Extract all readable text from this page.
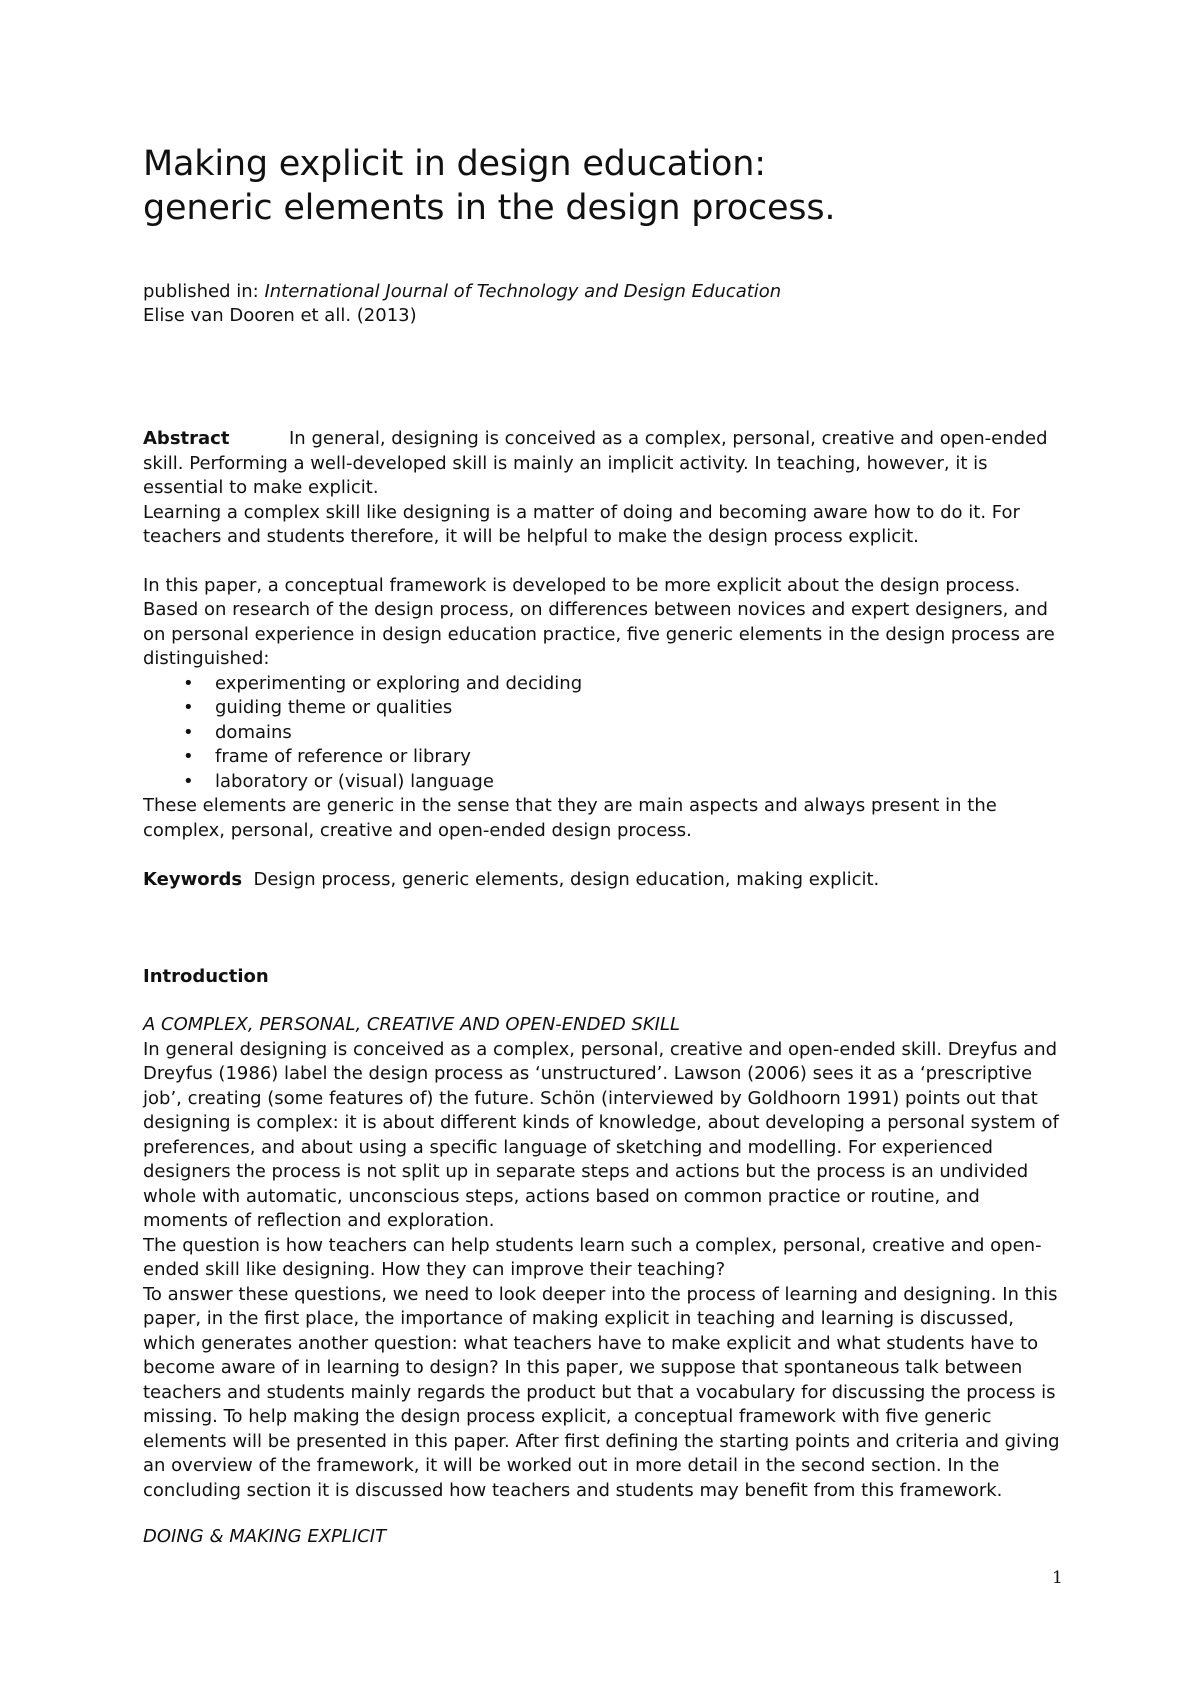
Making explicit in design education:
generic elements in the design process.
published in: International Journal of Technology and Design Education
Elise van Dooren et all. (2013)

Abstract	In general, designing is conceived as a complex, personal, creative and open-ended skill. Performing a well-developed skill is mainly an implicit activity. In teaching, however, it is essential to make explicit.

Learning a complex skill like designing is a matter of doing and becoming aware how to do it. For teachers and students therefore, it will be helpful to make the design process explicit.

In this paper, a conceptual framework is developed to be more explicit about the design process. Based on research of the design process, on differences between novices and expert designers, and on personal experience in design education practice, five generic elements in the design process are distinguished:

• experimenting or exploring and deciding
• guiding theme or qualities
• domains
• frame of reference or library
• laboratory or (visual) language

These elements are generic in the sense that they are main aspects and always present in the complex, personal, creative and open-ended design process.

Keywords Design process, generic elements, design education, making explicit.
Introduction

A COMPLEX, PERSONAL, CREATIVE AND OPEN-ENDED SKILL

In general designing is conceived as a complex, personal, creative and open-ended skill. Dreyfus and Dreyfus (1986) label the design process as ‘unstructured’. Lawson (2006) sees it as a ‘prescriptive job’, creating (some features of) the future. Schön (interviewed by Goldhoorn 1991) points out that designing is complex: it is about different kinds of knowledge, about developing a personal system of preferences, and about using a specific language of sketching and modelling. For experienced designers the process is not split up in separate steps and actions but the process is an undivided whole with automatic, unconscious steps, actions based on common practice or routine, and moments of reflection and exploration.

The question is how teachers can help students learn such a complex, personal, creative and open-ended skill like designing. How they can improve their teaching?

To answer these questions, we need to look deeper into the process of learning and designing. In this paper, in the first place, the importance of making explicit in teaching and learning is discussed, which generates another question: what teachers have to make explicit and what students have to become aware of in learning to design? In this paper, we suppose that spontaneous talk between teachers and students mainly regards the product but that a vocabulary for discussing the process is missing. To help making the design process explicit, a conceptual framework with five generic elements will be presented in this paper. After first defining the starting points and criteria and giving an overview of the framework, it will be worked out in more detail in the second section. In the concluding section it is discussed how teachers and students may benefit from this framework.

DOING & MAKING EXPLICIT
1
